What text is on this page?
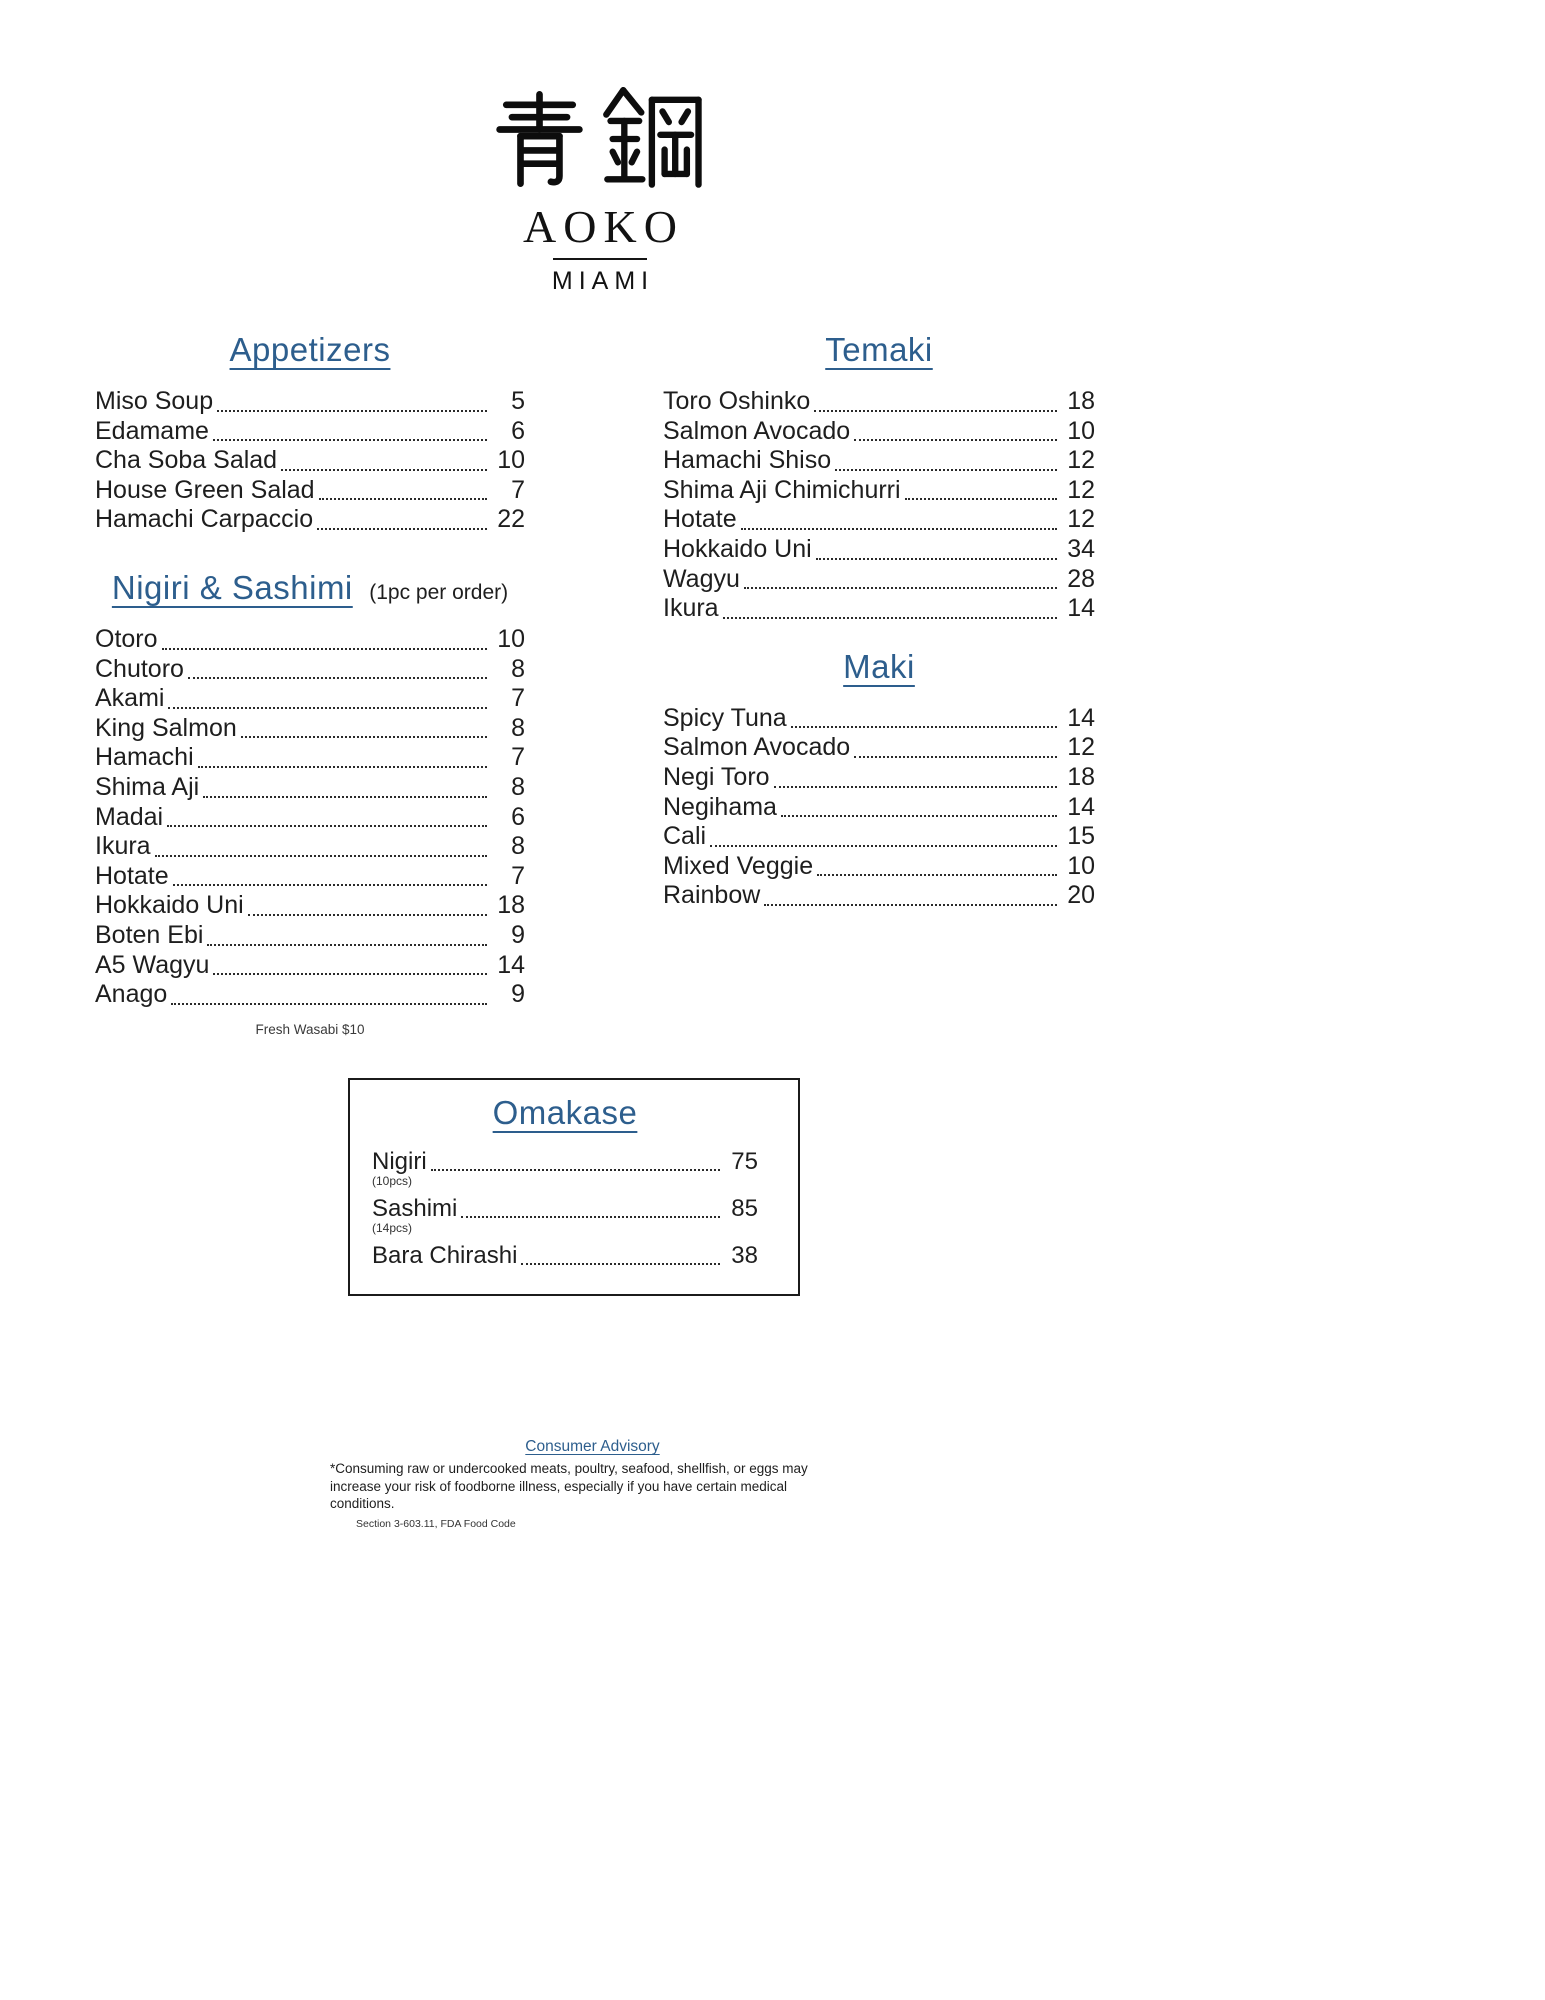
AOKO
MIAMI
Appetizers
Miso Soup	5
Edamame	6
Cha Soba Salad	10
House Green Salad	7
Hamachi Carpaccio	22
Nigiri & Sashimi (1pc per order)
Otoro	10
Chutoro	8
Akami	7
King Salmon	8
Hamachi	7
Shima Aji	8
Madai	6
Ikura	8
Hotate	7
Hokkaido Uni	18
Boten Ebi	9
A5 Wagyu	14
Anago	9
Fresh Wasabi $10
Temaki
Toro Oshinko	18
Salmon Avocado	10
Hamachi Shiso	12
Shima Aji Chimichurri	12
Hotate	12
Hokkaido Uni	34
Wagyu	28
Ikura	14
Maki
Spicy Tuna	14
Salmon Avocado	12
Negi Toro	18
Negihama	14
Cali	15
Mixed Veggie	10
Rainbow	20
Omakase
Nigiri	75
(10pcs)
Sashimi	85
(14pcs)
Bara Chirashi	38
Consumer Advisory
*Consuming raw or undercooked meats, poultry, seafood, shellfish, or eggs may increase your risk of foodborne illness, especially if you have certain medical conditions.
Section 3-603.11, FDA Food Code
